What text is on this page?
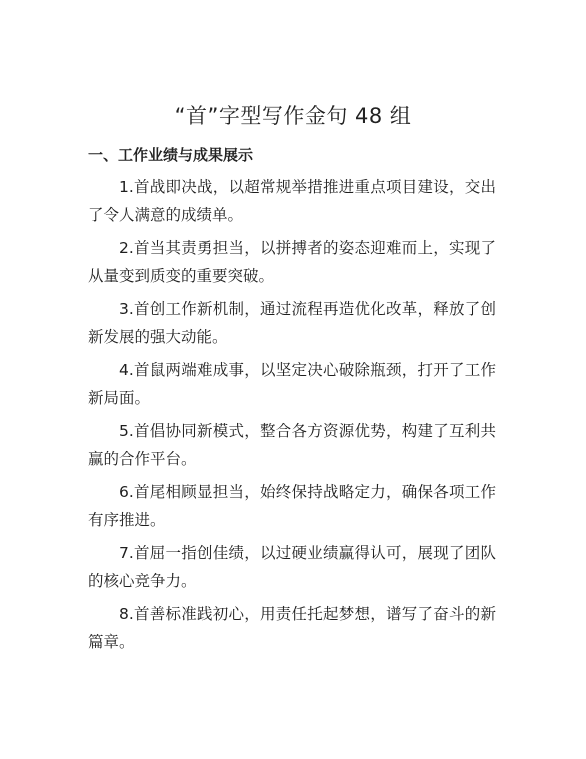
“首”字型写作金句 48 组
一、工作业绩与成果展示
1.首战即决战，以超常规举措推进重点项目建设，交出了令人满意的成绩单。
2.首当其责勇担当，以拼搏者的姿态迎难而上，实现了从量变到质变的重要突破。
3.首创工作新机制，通过流程再造优化改革，释放了创新发展的强大动能。
4.首鼠两端难成事，以坚定决心破除瓶颈，打开了工作新局面。
5.首倡协同新模式，整合各方资源优势，构建了互利共赢的合作平台。
6.首尾相顾显担当，始终保持战略定力，确保各项工作有序推进。
7.首屈一指创佳绩，以过硬业绩赢得认可，展现了团队的核心竞争力。
8.首善标准践初心，用责任托起梦想，谱写了奋斗的新篇章。
